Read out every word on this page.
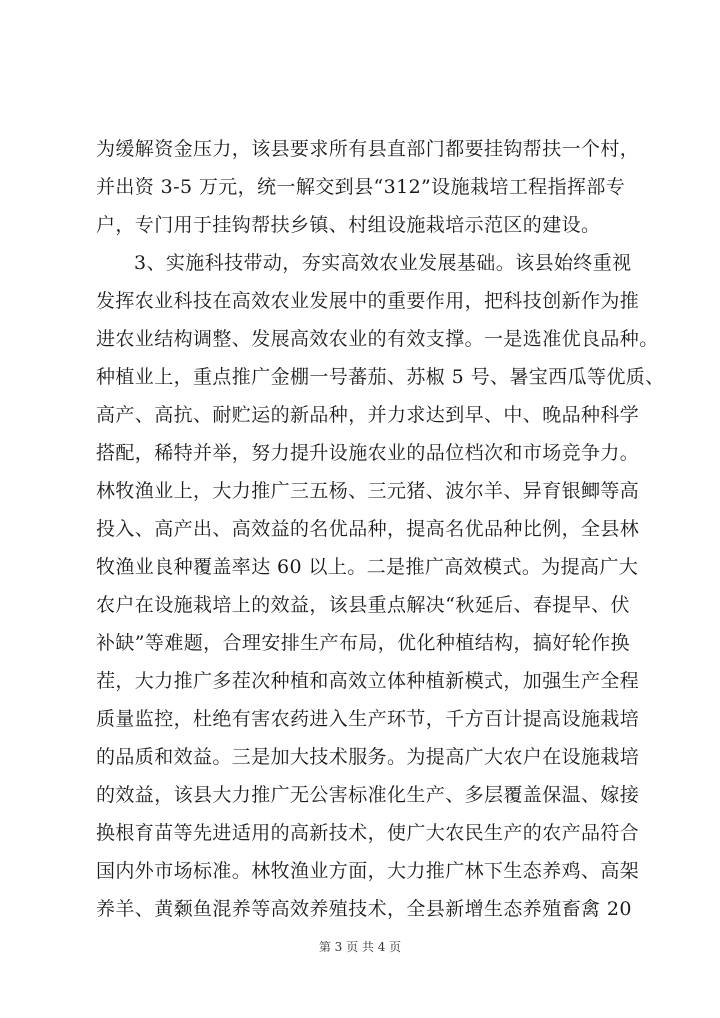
为缓解资金压力，该县要求所有县直部门都要挂钩帮扶一个村，
并出资 3-5 万元，统一解交到县“312”设施栽培工程指挥部专
户，专门用于挂钩帮扶乡镇、村组设施栽培示范区的建设。
3、实施科技带动，夯实高效农业发展基础。该县始终重视
发挥农业科技在高效农业发展中的重要作用，把科技创新作为推
进农业结构调整、发展高效农业的有效支撑。一是选准优良品种。
种植业上，重点推广金棚一号蕃茄、苏椒 5 号、暑宝西瓜等优质、
高产、高抗、耐贮运的新品种，并力求达到早、中、晚品种科学
搭配，稀特并举，努力提升设施农业的品位档次和市场竞争力。
林牧渔业上，大力推广三五杨、三元猪、波尔羊、异育银鲫等高
投入、高产出、高效益的名优品种，提高名优品种比例，全县林
牧渔业良种覆盖率达 60 以上。二是推广高效模式。为提高广大
农户在设施栽培上的效益，该县重点解决“秋延后、春提早、伏
补缺”等难题，合理安排生产布局，优化种植结构，搞好轮作换
茬，大力推广多茬次种植和高效立体种植新模式，加强生产全程
质量监控，杜绝有害农药进入生产环节，千方百计提高设施栽培
的品质和效益。三是加大技术服务。为提高广大农户在设施栽培
的效益，该县大力推广无公害标准化生产、多层覆盖保温、嫁接
换根育苗等先进适用的高新技术，使广大农民生产的农产品符合
国内外市场标准。林牧渔业方面，大力推广林下生态养鸡、高架
养羊、黄颡鱼混养等高效养殖技术，全县新增生态养殖畜禽 20
第 3 页 共 4 页
